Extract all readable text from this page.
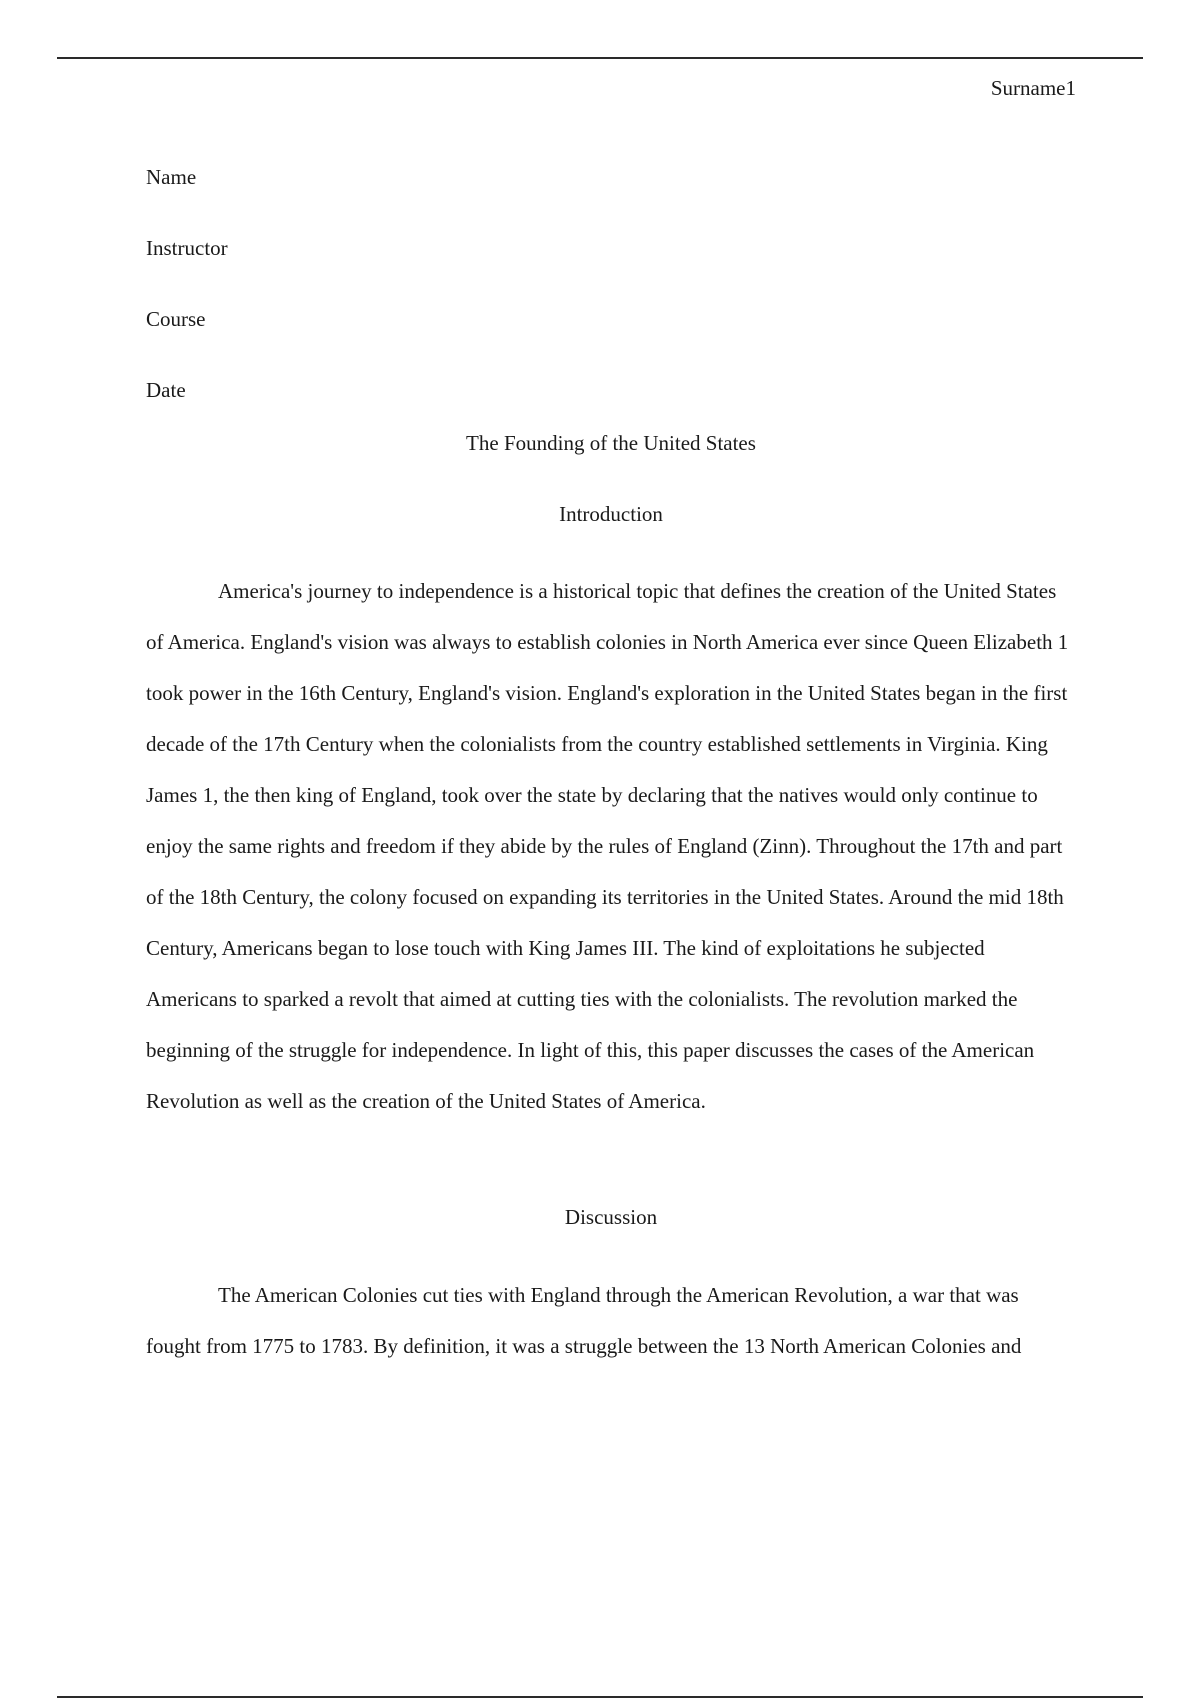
Surname1

Name

Instructor

Course

Date

The Founding of the United States

Introduction

America's journey to independence is a historical topic that defines the creation of the United States of America. England's vision was always to establish colonies in North America ever since Queen Elizabeth 1 took power in the 16th Century, England's vision. England's exploration in the United States began in the first decade of the 17th Century when the colonialists from the country established settlements in Virginia. King James 1, the then king of England, took over the state by declaring that the natives would only continue to enjoy the same rights and freedom if they abide by the rules of England (Zinn). Throughout the 17th and part of the 18th Century, the colony focused on expanding its territories in the United States. Around the mid 18th Century, Americans began to lose touch with King James III. The kind of exploitations he subjected Americans to sparked a revolt that aimed at cutting ties with the colonialists. The revolution marked the beginning of the struggle for independence. In light of this, this paper discusses the cases of the American Revolution as well as the creation of the United States of America.

Discussion

The American Colonies cut ties with England through the American Revolution, a war that was fought from 1775 to 1783. By definition, it was a struggle between the 13 North American Colonies and
